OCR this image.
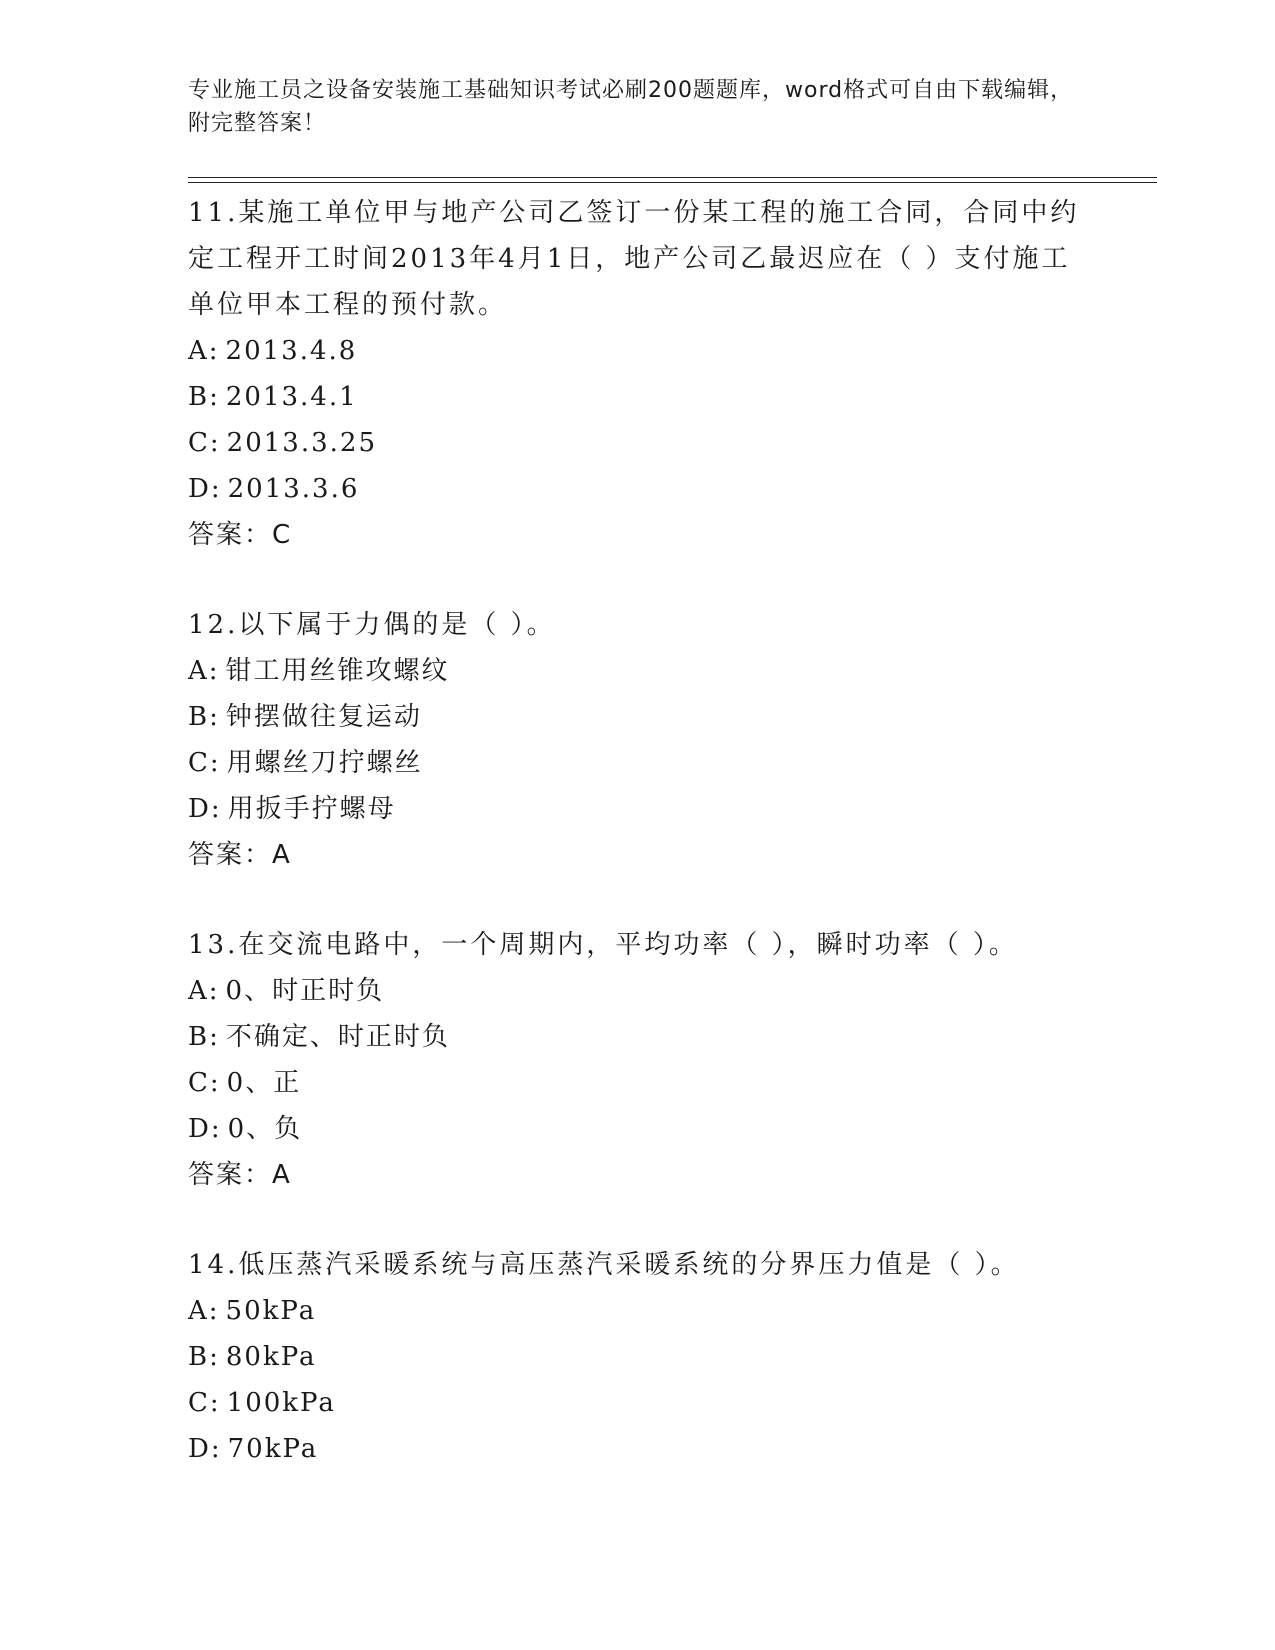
专业施工员之设备安装施工基础知识考试必刷200题题库，word格式可自由下载编辑，附完整答案！

11.某施工单位甲与地产公司乙签订一份某工程的施工合同，合同中约定工程开工时间2013年4月1日，地产公司乙最迟应在（ ）支付施工单位甲本工程的预付款。

A: 2013.4.8
B: 2013.4.1
C: 2013.3.25
D: 2013.3.6
答案：C

12.以下属于力偶的是（ ）。

A: 钳工用丝锥攻螺纹
B: 钟摆做往复运动
C: 用螺丝刀拧螺丝
D: 用扳手拧螺母
答案：A

13.在交流电路中，一个周期内，平均功率（ ），瞬时功率（ ）。

A: 0、时正时负
B: 不确定、时正时负
C: 0、正
D: 0、负
答案：A

14.低压蒸汽采暖系统与高压蒸汽采暖系统的分界压力值是（ ）。

A: 50kPa
B: 80kPa
C: 100kPa
D: 70kPa
